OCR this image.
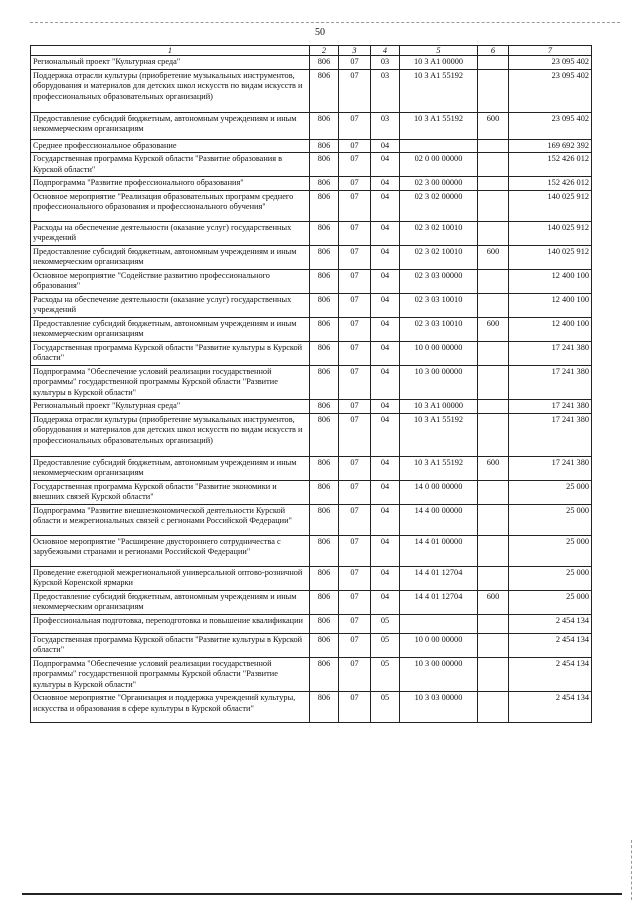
50
1	2	3	4	5	6	7
Региональный проект "Культурная среда"	806	07	03	10 3 A1 00000		23 095 402
Поддержка отрасли культуры (приобретение музыкальных инструментов, оборудования и материалов для детских школ искусств по видам искусств и профессиональных образовательных организаций)	806	07	03	10 3 A1 55192		23 095 402
Предоставление субсидий бюджетным, автономным учреждениям и иным некоммерческим организациям	806	07	03	10 3 A1 55192	600	23 095 402
Среднее профессиональное образование	806	07	04			169 692 392
Государственная программа Курской области "Развитие образования в Курской области"	806	07	04	02 0 00 00000		152 426 012
Подпрограмма "Развитие профессионального образования"	806	07	04	02 3 00 00000		152 426 012
Основное мероприятие "Реализация образовательных программ среднего профессионального образования и профессионального обучения"	806	07	04	02 3 02 00000		140 025 912
Расходы на обеспечение деятельности (оказание услуг) государственных учреждений	806	07	04	02 3 02 10010		140 025 912
Предоставление субсидий бюджетным, автономным учреждениям и иным некоммерческим организациям	806	07	04	02 3 02 10010	600	140 025 912
Основное мероприятие "Содействие развитию профессионального образования"	806	07	04	02 3 03 00000		12 400 100
Расходы на обеспечение деятельности (оказание услуг) государственных учреждений	806	07	04	02 3 03 10010		12 400 100
Предоставление субсидий бюджетным, автономным учреждениям и иным некоммерческим организациям	806	07	04	02 3 03 10010	600	12 400 100
Государственная программа Курской области "Развитие культуры в Курской области"	806	07	04	10 0 00 00000		17 241 380
Подпрограмма "Обеспечение условий реализации государственной программы" государственной программы Курской области "Развитие культуры в Курской области"	806	07	04	10 3 00 00000		17 241 380
Региональный проект "Культурная среда"	806	07	04	10 3 A1 00000		17 241 380
Поддержка отрасли культуры (приобретение музыкальных инструментов, оборудования и материалов для детских школ искусств по видам искусств и профессиональных образовательных организаций)	806	07	04	10 3 A1 55192		17 241 380
Предоставление субсидий бюджетным, автономным учреждениям и иным некоммерческим организациям	806	07	04	10 3 A1 55192	600	17 241 380
Государственная программа Курской области "Развитие экономики и внешних связей Курской области"	806	07	04	14 0 00 00000		25 000
Подпрограмма "Развитие внешнеэкономической деятельности Курской области и межрегиональных связей с регионами Российской Федерации"	806	07	04	14 4 00 00000		25 000
Основное мероприятие "Расширение двустороннего сотрудничества с зарубежными странами и регионами Российской Федерации"	806	07	04	14 4 01 00000		25 000
Проведение ежегодной межрегиональной универсальной оптово-розничной Курской Коренской ярмарки	806	07	04	14 4 01 12704		25 000
Предоставление субсидий бюджетным, автономным учреждениям и иным некоммерческим организациям	806	07	04	14 4 01 12704	600	25 000
Профессиональная подготовка, переподготовка и повышение квалификации	806	07	05			2 454 134
Государственная программа Курской области "Развитие культуры в Курской области"	806	07	05	10 0 00 00000		2 454 134
Подпрограмма "Обеспечение условий реализации государственной программы" государственной программы Курской области "Развитие культуры в Курской области"	806	07	05	10 3 00 00000		2 454 134
Основное мероприятие "Организация и поддержка учреждений культуры, искусства и образования в сфере культуры в Курской области"	806	07	05	10 3 03 00000		2 454 134
